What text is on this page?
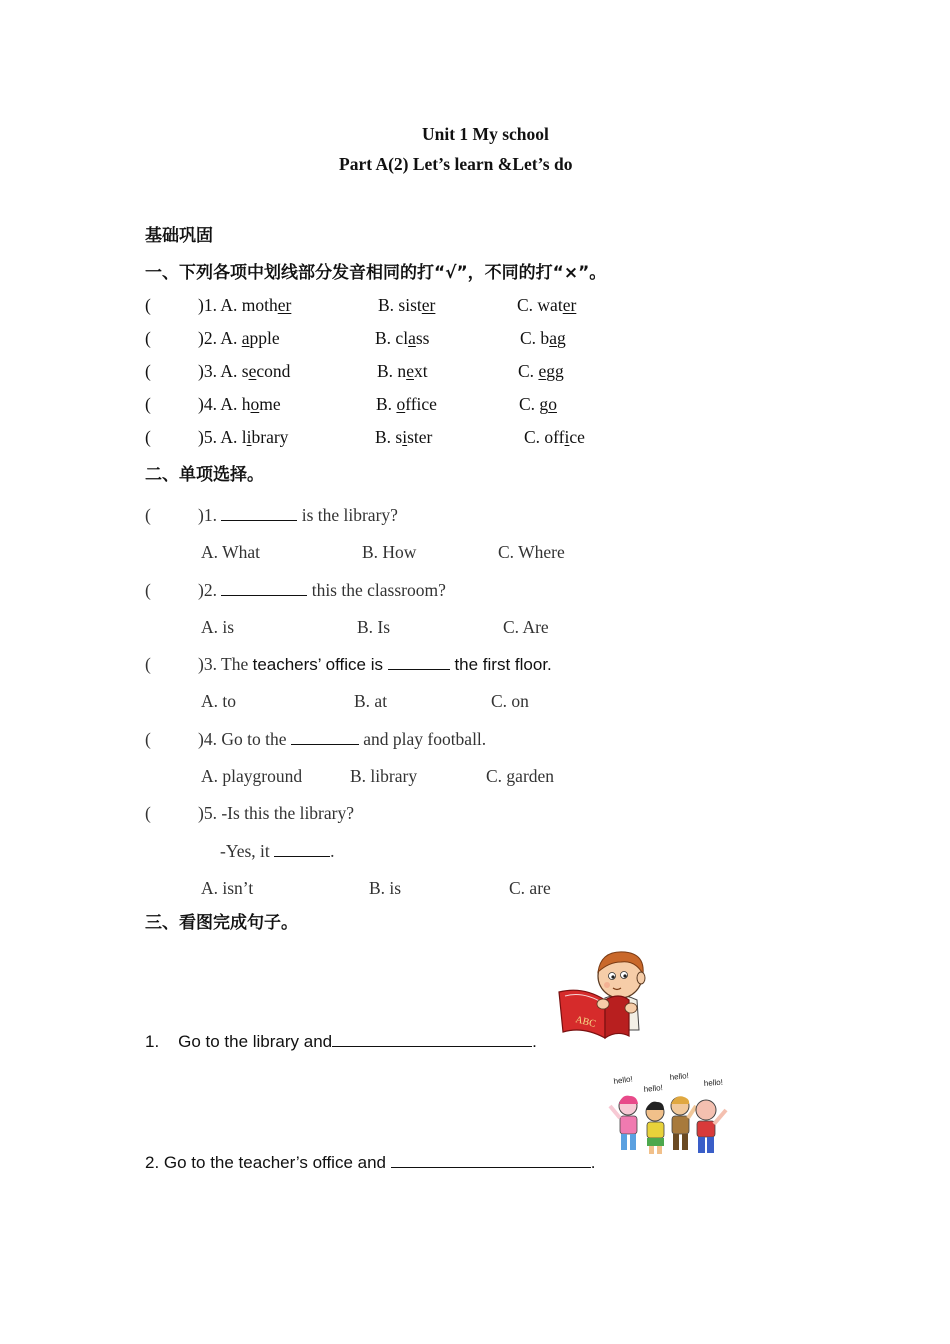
Unit 1 My school
Part A(2) Let’s learn &Let’s do
基础巩固
一、下列各项中划线部分发音相同的打“√”，不同的打“×”。
(	)1. A. mother	B. sister	C. water
(	)2. A. apple	B. class	C. bag
(	)3. A. second	B. next	C. egg
(	)4. A. home	B. office	C. go
(	)5. A. library	B. sister	C. office
二、单项选择。
(	)1.	is the library?
A. What	B. How	C. Where
(	)2.	this the classroom?
A. is	B. Is	C. Are
(	)3. The teachers’ office is	the first floor.
A. to	B. at	C. on
(	)4. Go to the	and play football.
A. playground	B. library	C. garden
(	)5. -Is this the library?
-Yes, it	.
A. isn’t	B. is	C. are
三、看图完成句子。
ABC
1. Go to the library and	.
hello!
hello!
hello!
hello!
2. Go to the teacher’s office and	.
